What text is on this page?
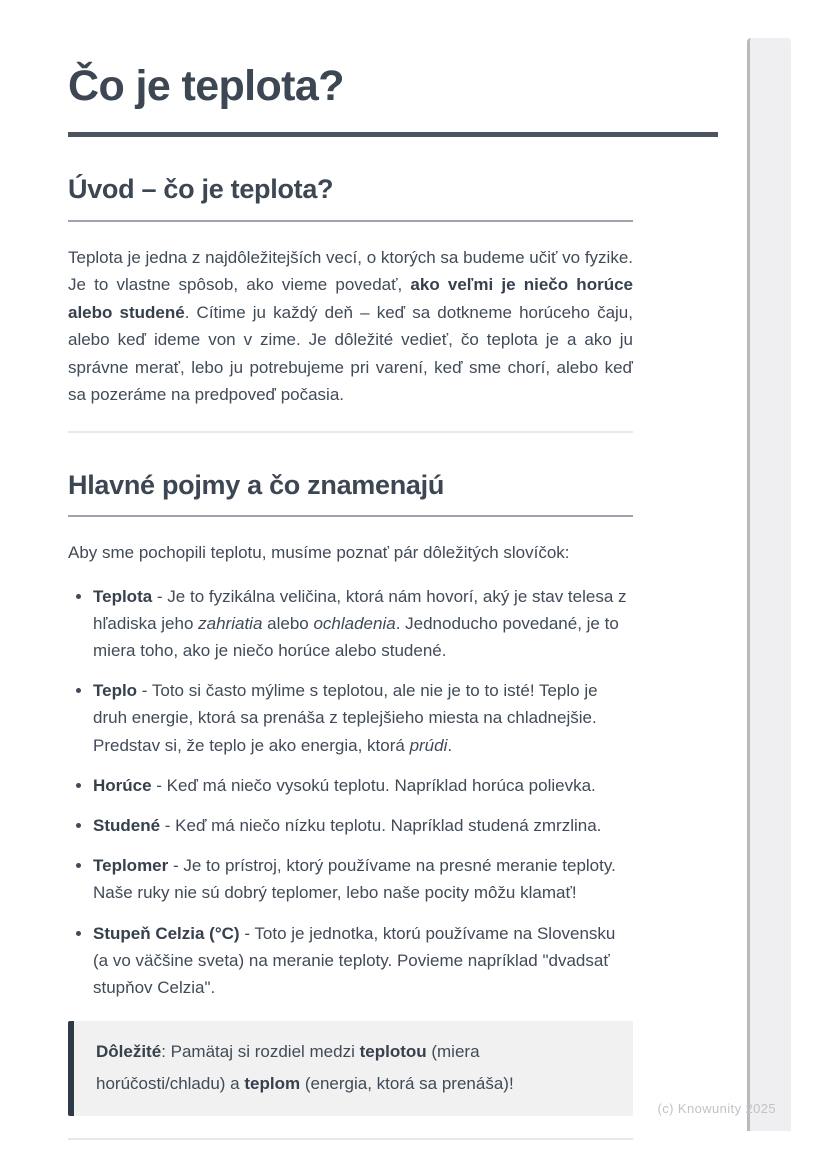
Čo je teplota?
Úvod – čo je teplota?

Teplota je jedna z najdôležitejších vecí, o ktorých sa budeme učiť vo fyzike. Je to vlastne spôsob, ako vieme povedať, ako veľmi je niečo horúce alebo studené. Cítime ju každý deň – keď sa dotkneme horúceho čaju, alebo keď ideme von v zime. Je dôležité vedieť, čo teplota je a ako ju správne merať, lebo ju potrebujeme pri varení, keď sme chorí, alebo keď sa pozeráme na predpoveď počasia.

Hlavné pojmy a čo znamenajú

Aby sme pochopili teplotu, musíme poznať pár dôležitých slovíčok:

• Teplota - Je to fyzikálna veličina, ktorá nám hovorí, aký je stav telesa z hľadiska jeho zahriatia alebo ochladenia. Jednoducho povedané, je to miera toho, ako je niečo horúce alebo studené.
• Teplo - Toto si často mýlime s teplotou, ale nie je to to isté! Teplo je druh energie, ktorá sa prenáša z teplejšieho miesta na chladnejšie. Predstav si, že teplo je ako energia, ktorá prúdi.
• Horúce - Keď má niečo vysokú teplotu. Napríklad horúca polievka.
• Studené - Keď má niečo nízku teplotu. Napríklad studená zmrzlina.
• Teplomer - Je to prístroj, ktorý používame na presné meranie teploty. Naše ruky nie sú dobrý teplomer, lebo naše pocity môžu klamať!
• Stupeň Celzia (°C) - Toto je jednotka, ktorú používame na Slovensku (a vo väčšine sveta) na meranie teploty. Povieme napríklad "dvadsať stupňov Celzia".
Dôležité: Pamätaj si rozdiel medzi teplotou (miera horúčosti/chladu) a teplom (energia, ktorá sa prenáša)!
(c) Knowunity 2025
